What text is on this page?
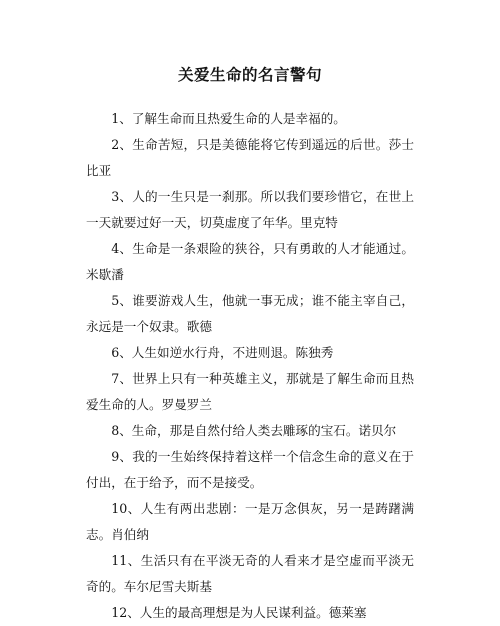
关爱生命的名言警句
1、了解生命而且热爱生命的人是幸福的。
2、生命苦短，只是美德能将它传到遥远的后世。莎士比亚
3、人的一生只是一刹那。所以我们要珍惜它，在世上一天就要过好一天，切莫虚度了年华。里克特
4、生命是一条艰险的狭谷，只有勇敢的人才能通过。米歇潘
5、谁要游戏人生，他就一事无成；谁不能主宰自己，永远是一个奴隶。歌德
6、人生如逆水行舟，不进则退。陈独秀
7、世界上只有一种英雄主义，那就是了解生命而且热爱生命的人。罗曼罗兰
8、生命，那是自然付给人类去雕琢的宝石。诺贝尔
9、我的一生始终保持着这样一个信念生命的意义在于付出，在于给予，而不是接受。
10、人生有两出悲剧：一是万念俱灰，另一是踌躇满志。肖伯纳
11、生活只有在平淡无奇的人看来才是空虚而平淡无奇的。车尔尼雪夫斯基
12、人生的最高理想是为人民谋利益。德莱塞
